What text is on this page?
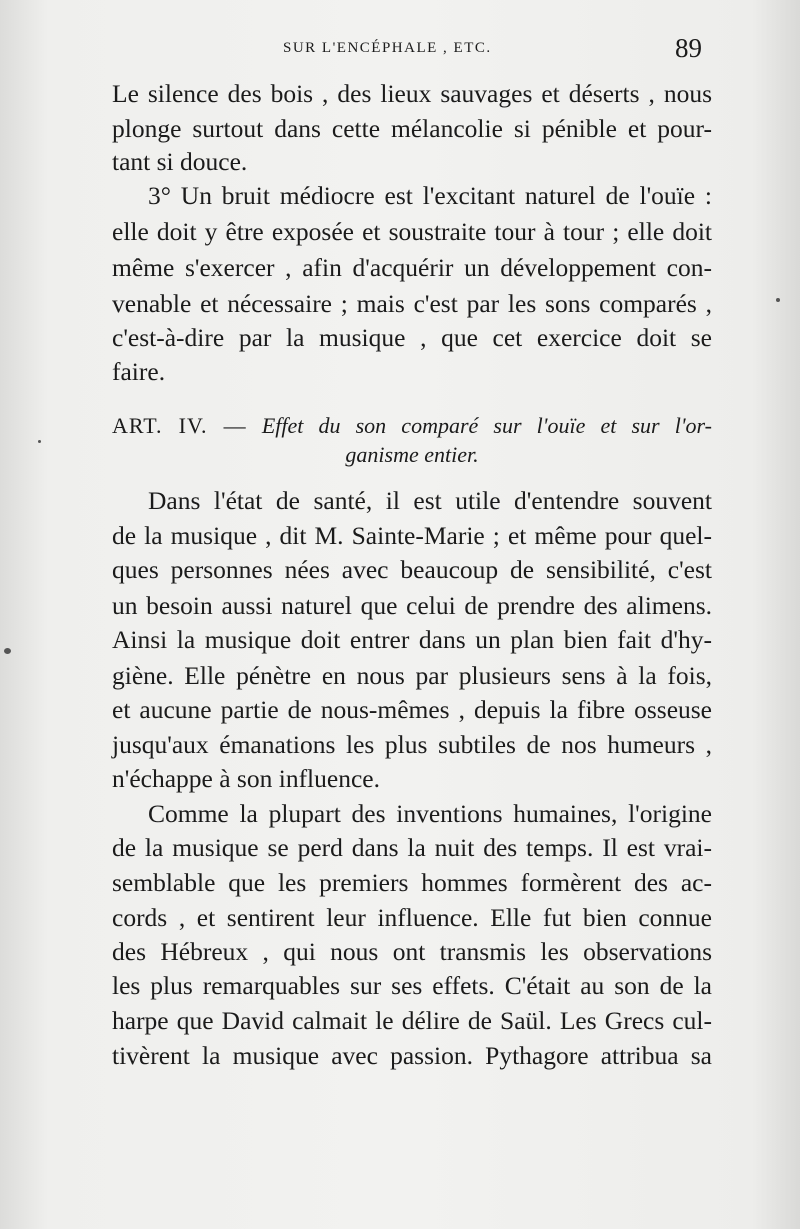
SUR L'ENCÉPHALE , ETC.	89
Le silence des bois , des lieux sauvages et déserts , nous
plonge surtout dans cette mélancolie si pénible et pour-
tant si douce.
3° Un bruit médiocre est l'excitant naturel de l'ouïe :
elle doit y être exposée et soustraite tour à tour ; elle doit
même s'exercer , afin d'acquérir un développement con-
venable et nécessaire ; mais c'est par les sons comparés ,
c'est-à-dire par la musique , que cet exercice doit se
faire.
ART. IV. — Effet du son comparé sur l'ouïe et sur l'or-
ganisme entier.
Dans l'état de santé, il est utile d'entendre souvent
de la musique , dit M. Sainte-Marie ; et même pour quel-
ques personnes nées avec beaucoup de sensibilité, c'est
un besoin aussi naturel que celui de prendre des alimens.
Ainsi la musique doit entrer dans un plan bien fait d'hy-
giène. Elle pénètre en nous par plusieurs sens à la fois,
et aucune partie de nous-mêmes , depuis la fibre osseuse
jusqu'aux émanations les plus subtiles de nos humeurs ,
n'échappe à son influence.
Comme la plupart des inventions humaines, l'origine
de la musique se perd dans la nuit des temps. Il est vrai-
semblable que les premiers hommes formèrent des ac-
cords , et sentirent leur influence. Elle fut bien connue
des Hébreux , qui nous ont transmis les observations
les plus remarquables sur ses effets. C'était au son de la
harpe que David calmait le délire de Saül. Les Grecs cul-
tivèrent la musique avec passion. Pythagore attribua sa
